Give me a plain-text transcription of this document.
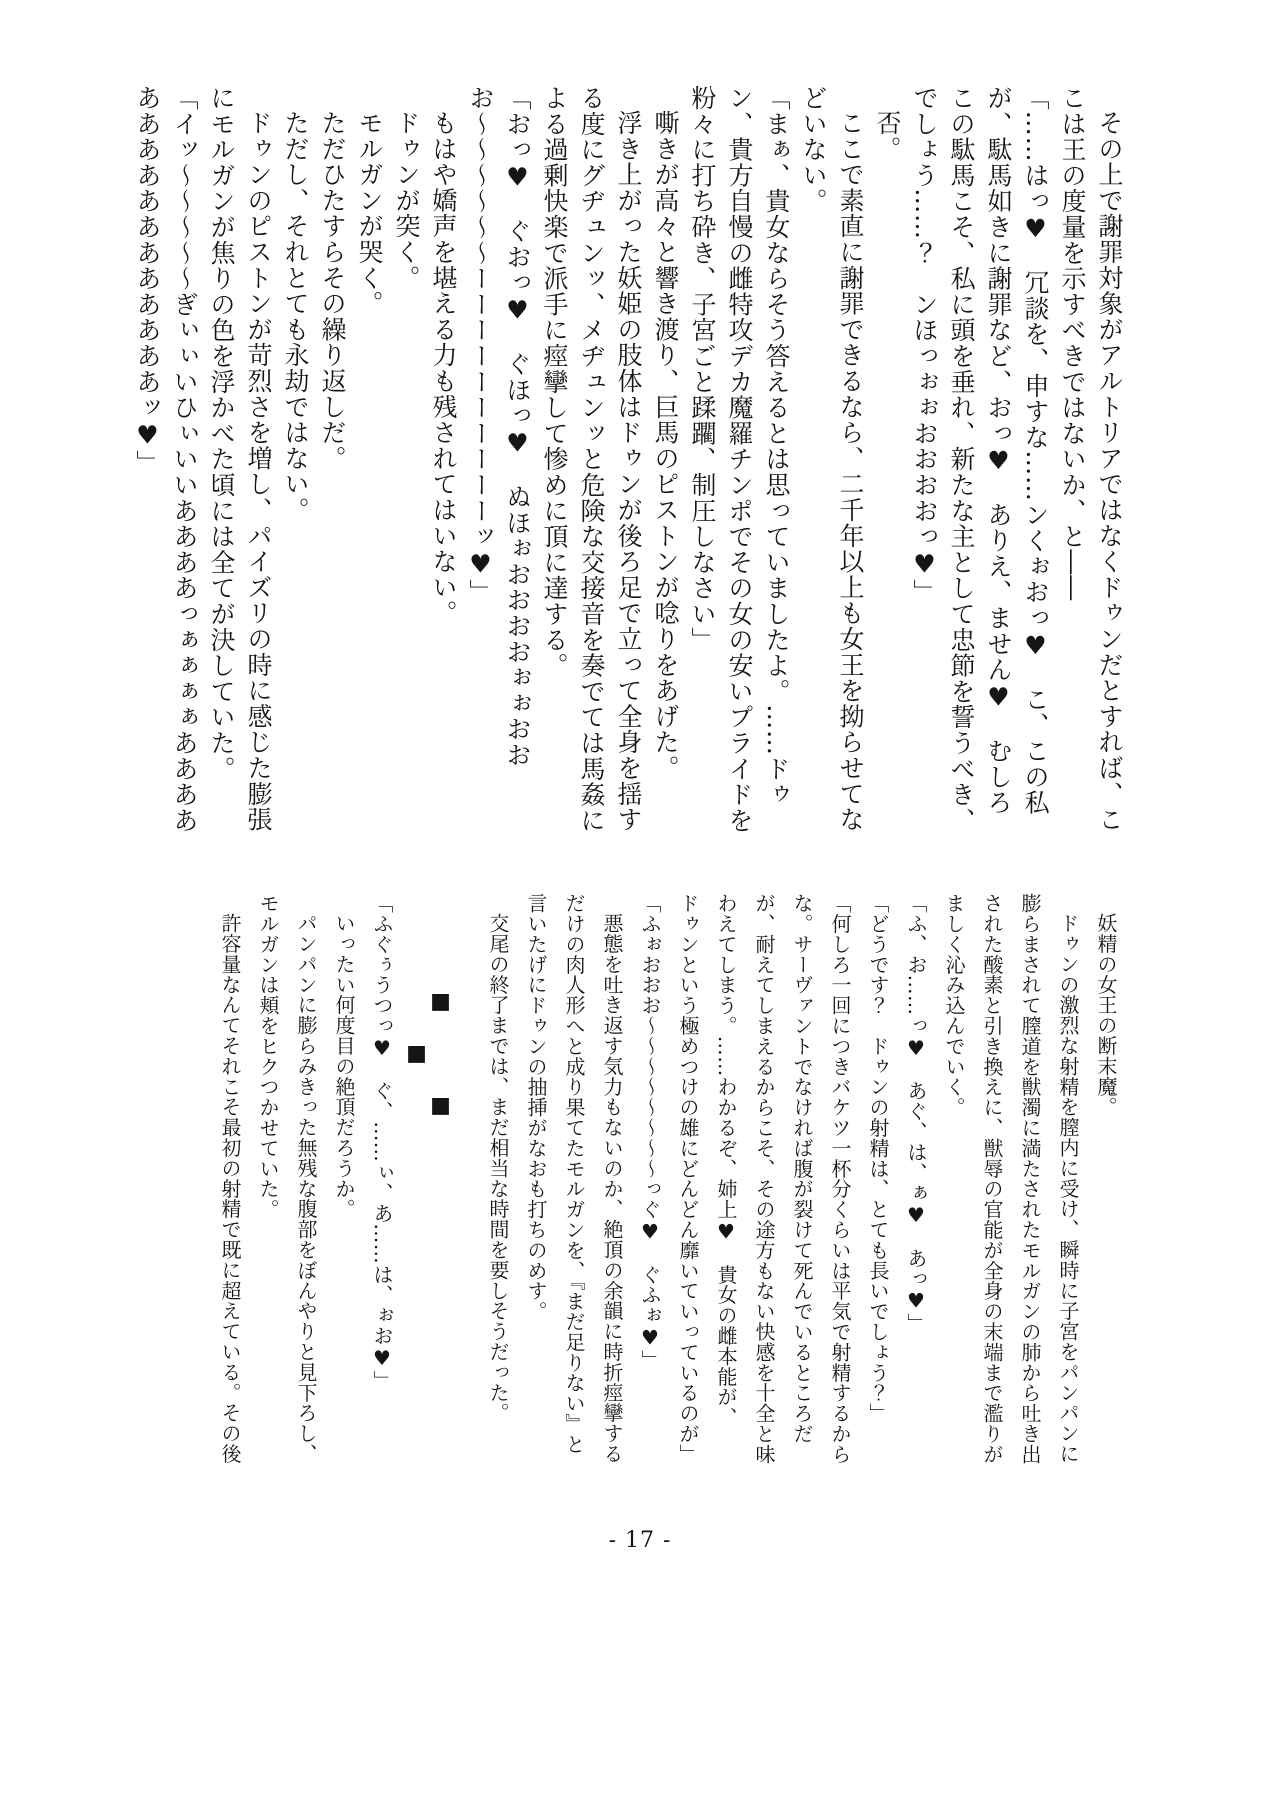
その上で謝罪対象がアルトリアではなくドゥンだとすれば、ここは王の度量を示すべきではないか、と――

「……はっ♥　冗談を、申すな……ンくぉおっ♥　こ、この私が、駄馬如きに謝罪など、おっ♥　ありえ、ません♥　むしろこの駄馬こそ、私に頭を垂れ、新たな主として忠節を誓うべき、でしょう……？　ンほっぉぉおおおおっ♥」

否。

ここで素直に謝罪できるなら、二千年以上も女王を拗らせてなどいない。

「まぁ、貴女ならそう答えるとは思っていましたよ。……ドゥン、貴方自慢の雌特攻デカ魔羅チンポでその女の安いプライドを粉々に打ち砕き、子宮ごと蹂躙、制圧しなさい」

嘶きが高々と響き渡り、巨馬のピストンが唸りをあげた。

浮き上がった妖姫の肢体はドゥンが後ろ足で立って全身を揺する度にグヂュンッ、メヂュンッと危険な交接音を奏でては馬姦による過剰快楽で派手に痙攣して惨めに頂に達する。

「おっ♥　ぐおっ♥　ぐほっ♥　ぬほぉおおおおぉぉおおお〜〜〜〜〜〜ーーーーーーーーーーッ♥」

もはや嬌声を堪える力も残されてはいない。

ドゥンが突く。

モルガンが哭く。

ただひたすらその繰り返しだ。

ただし、それとても永劫ではない。

ドゥンのピストンが苛烈さを増し、パイズリの時に感じた膨張にモルガンが焦りの色を浮かべた頃には全てが決していた。

「イッ〜〜〜〜〜ぎぃぃいひぃいいああああっぁぁぁぁああああああああああああああああッ♥」

妖精の女王の断末魔。

ドゥンの激烈な射精を膣内に受け、瞬時に子宮をパンパンに膨らまされて膣道を獣濁に満たされたモルガンの肺から吐き出された酸素と引き換えに、獣辱の官能が全身の末端まで濫りがましく沁み込んでいく。

「ふ、お……っ♥　あぐ、は、ぁ♥　あっ♥」

「どうです？　ドゥンの射精は、とても長いでしょう？」

「何しろ一回につきバケツ一杯分くらいは平気で射精するからな。サーヴァントでなければ腹が裂けて死んでいるところだが、耐えてしまえるからこそ、その途方もない快感を十全と味わえてしまう。……わかるぞ、姉上♥　貴女の雌本能が、ドゥンという極めつけの雄にどんどん靡いていっているのが」

「ふぉおおお〜〜〜〜〜〜〜〜っぐ♥　ぐふぉ♥」

悪態を吐き返す気力もないのか、絶頂の余韻に時折痙攣するだけの肉人形へと成り果てたモルガンを、『まだ足りない』と言いたげにドゥンの抽挿がなおも打ちのめす。

交尾の終了までは、まだ相当な時間を要しそうだった。

■ ■ ■

「ふぐぅうつっ♥　ぐ、……ぃ、あ……は、ぉお♥」

いったい何度目の絶頂だろうか。

パンパンに膨らみきった無残な腹部をぼんやりと見下ろし、モルガンは頬をヒクつかせていた。

許容量なんてそれこそ最初の射精で既に超えている。その後

- 17 -
